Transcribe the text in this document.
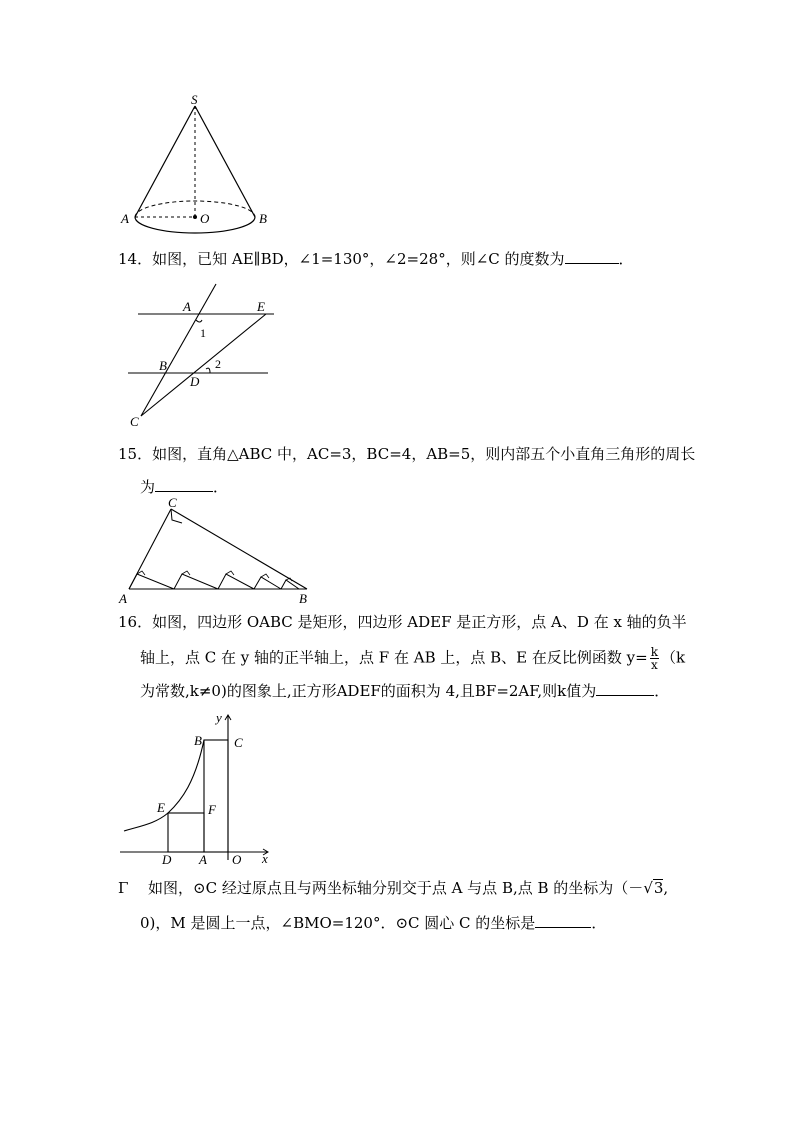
S
A	O	B
14．如图，已知 AE∥BD，∠1=130°，∠2=28°，则∠C 的度数为	．
A	E
1
B	2
D
C
15．如图，直角△ABC 中，AC=3，BC=4，AB=5，则内部五个小直角三角形的周长
为	．
C
A	B
16．如图，四边形 OABC 是矩形，四边形 ADEF 是正方形，点 A、D 在 x 轴的负半
轴上，点 C 在 y 轴的正半轴上，点 F 在 AB 上，点 B、E 在反比例函数 $y= \frac{k}{x} (k$
为常数,k≠0)的图象上,正方形ADEF的面积为 4,且BF=2AF,则k值为	．
y
B C
E	F
D A O x
Γ 如图，⊙C 经过原点且与两坐标轴分别交于点 A 与点 B,点 B 的坐标为（－√3,
0)，M 是圆上一点，∠BMO=120°．⊙C 圆心 C 的坐标是	．
